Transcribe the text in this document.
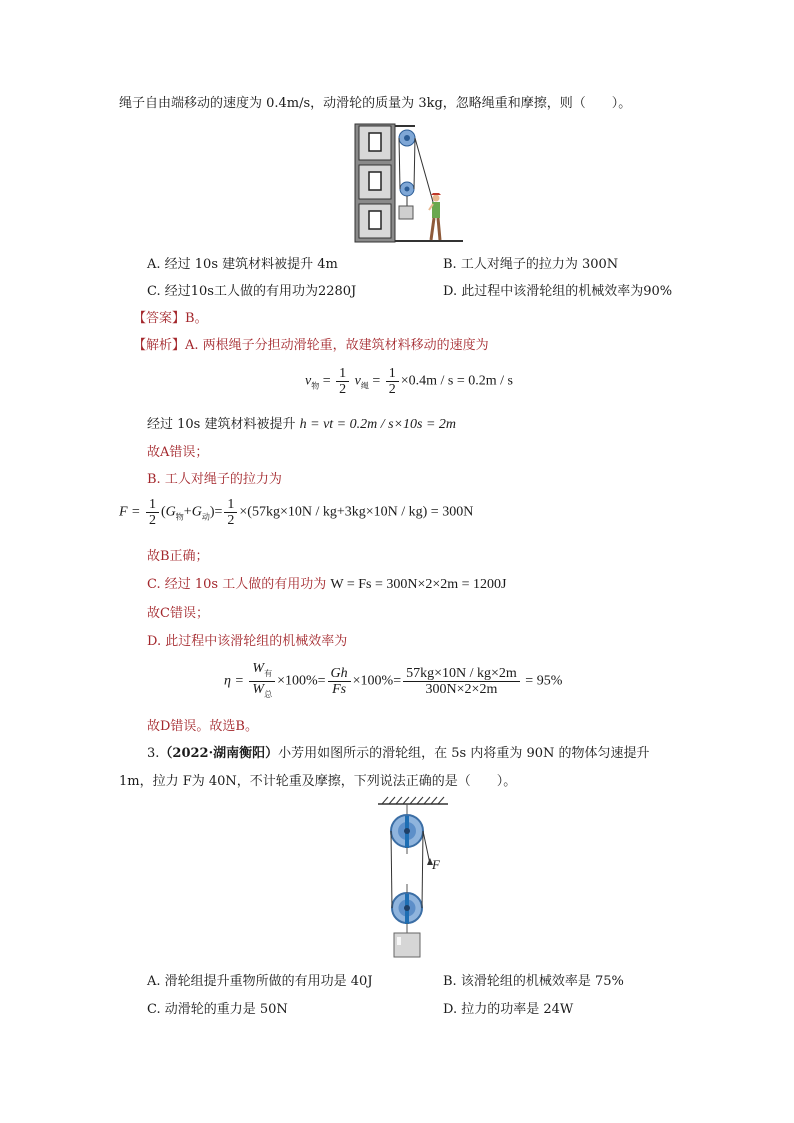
绳子自由端移动的速度为 0.4m/s，动滑轮的质量为 3kg，忽略绳重和摩擦，则（　　）。
A. 经过 10s 建筑材料被提升 4m	B. 工人对绳子的拉力为 300N
C. 经过10s工人做的有用功为2280J	D. 此过程中该滑轮组的机械效率为90%
【答案】B。
【解析】A. 两根绳子分担动滑轮重，故建筑材料移动的速度为
$v_物 = \frac{1}{2} v_绳 = \frac{1}{2} \times 0.4m / s = 0.2m / s$
经过 10s 建筑材料被提升 h = vt = 0.2m / s×10s = 2m
故A错误；
B. 工人对绳子的拉力为
$F = \frac{1}{2} (G_物+G_动)= \frac{1}{2} \times(57kg\times 10N / kg+3kg\times 10N / kg) = 300N$
故B正确；
C. 经过 10s 工人做的有用功为 W = Fs = 300N×2×2m = 1200J
故C错误；
D. 此过程中该滑轮组的机械效率为
$\eta = \frac{W_有}{W_总} \times 100\%= \frac{Gh}{Fs} \times 100\%= \frac{57kg\times 10N / kg\times 2m}{300N\times 2\times 2m} = 95\%$
故D错误。故选B。
3.（2022·湖南衡阳）小芳用如图所示的滑轮组，在 5s 内将重为 90N 的物体匀速提升
1m，拉力 F为 40N，不计轮重及摩擦，下列说法正确的是（　　）。
F
A. 滑轮组提升重物所做的有用功是 40J	B. 该滑轮组的机械效率是 75%
C. 动滑轮的重力是 50N	D. 拉力的功率是 24W
